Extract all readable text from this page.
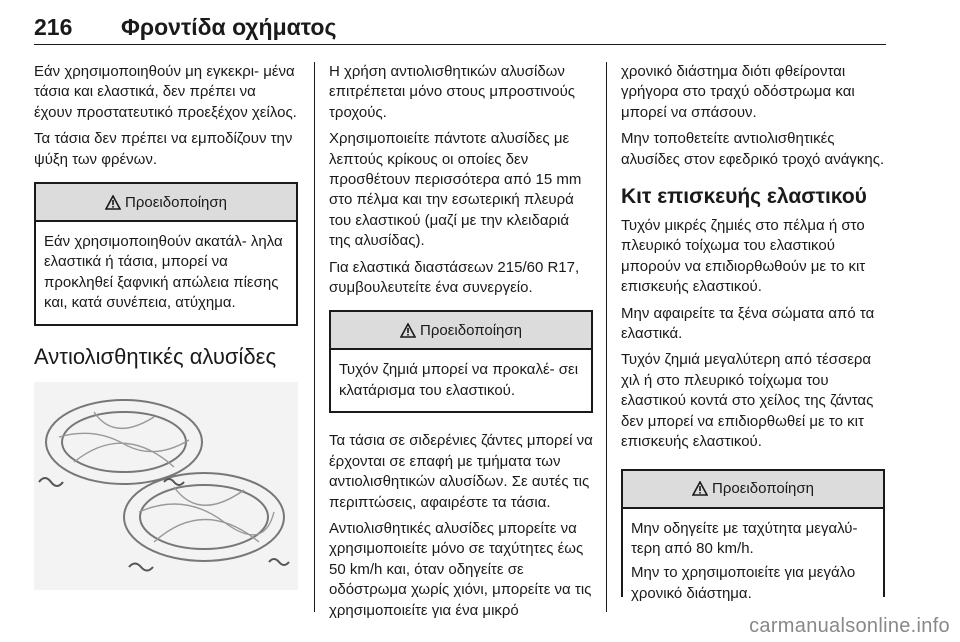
216 Φροντίδα οχήματος

Εάν χρησιμοποιηθούν μη εγκεκρι‐ μένα τάσια και ελαστικά, δεν πρέπει να έχουν προστατευτικό προεξέχον χείλος.

Τα τάσια δεν πρέπει να εμποδίζουν την ψύξη των φρένων.

Προειδοποίηση

Εάν χρησιμοποιηθούν ακατάλ‐ ληλα ελαστικά ή τάσια, μπορεί να προκληθεί ξαφνική απώλεια πίεσης και, κατά συνέπεια, ατύχημα.

Αντιολισθητικές αλυσίδες

Η χρήση αντιολισθητικών αλυσίδων επιτρέπεται μόνο στους μπροστινούς τροχούς.

Χρησιμοποιείτε πάντοτε αλυσίδες με λεπτούς κρίκους οι οποίες δεν προσθέτουν περισσότερα από 15 mm στο πέλμα και την εσωτερική πλευρά του ελαστικού (μαζί με την κλειδαριά της αλυσίδας).

Για ελαστικά διαστάσεων 215/60 R17, συμβουλευτείτε ένα συνεργείο.

Προειδοποίηση

Τυχόν ζημιά μπορεί να προκαλέ‐ σει κλατάρισμα του ελαστικού.

Τα τάσια σε σιδερένιες ζάντες μπορεί να έρχονται σε επαφή με τμήματα των αντιολισθητικών αλυσίδων. Σε αυτές τις περιπτώσεις, αφαιρέστε τα τάσια.

Αντιολισθητικές αλυσίδες μπορείτε να χρησιμοποιείτε μόνο σε ταχύτητες έως 50 km/h και, όταν οδηγείτε σε οδόστρωμα χωρίς χιόνι, μπορείτε να τις χρησιμοποιείτε για ένα μικρό

χρονικό διάστημα διότι φθείρονται γρήγορα στο τραχύ οδόστρωμα και μπορεί να σπάσουν.

Μην τοποθετείτε αντιολισθητικές αλυσίδες στον εφεδρικό τροχό ανάγκης.

Κιτ επισκευής ελαστικού

Τυχόν μικρές ζημιές στο πέλμα ή στο πλευρικό τοίχωμα του ελαστικού μπορούν να επιδιορθωθούν με το κιτ επισκευής ελαστικού.

Μην αφαιρείτε τα ξένα σώματα από τα ελαστικά.

Τυχόν ζημιά μεγαλύτερη από τέσσερα χιλ ή στο πλευρικό τοίχωμα του ελαστικού κοντά στο χείλος της ζάντας δεν μπορεί να επιδιορθωθεί με το κιτ επισκευής ελαστικού.

Προειδοποίηση

Μην οδηγείτε με ταχύτητα μεγαλύ‐ τερη από 80 km/h.

Μην το χρησιμοποιείτε για μεγάλο χρονικό διάστημα.

carmanualsonline.info
